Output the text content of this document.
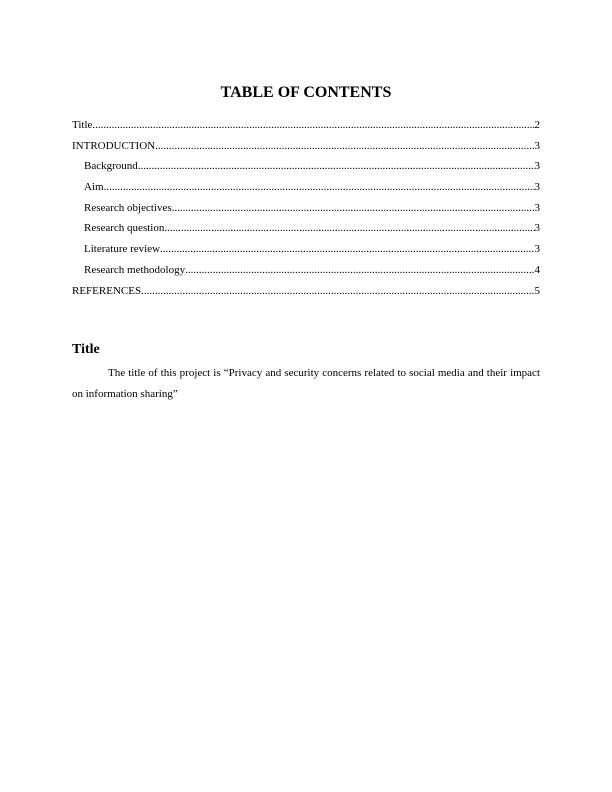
TABLE OF CONTENTS
Title .....	2
INTRODUCTION .....	3
Background .....	3
Aim .....	3
Research objectives .....	3
Research question .....	3
Literature review .....	3
Research methodology .....	4
REFERENCES .....	5
Title

The title of this project is “Privacy and security concerns related to social media and their impact on information sharing”
